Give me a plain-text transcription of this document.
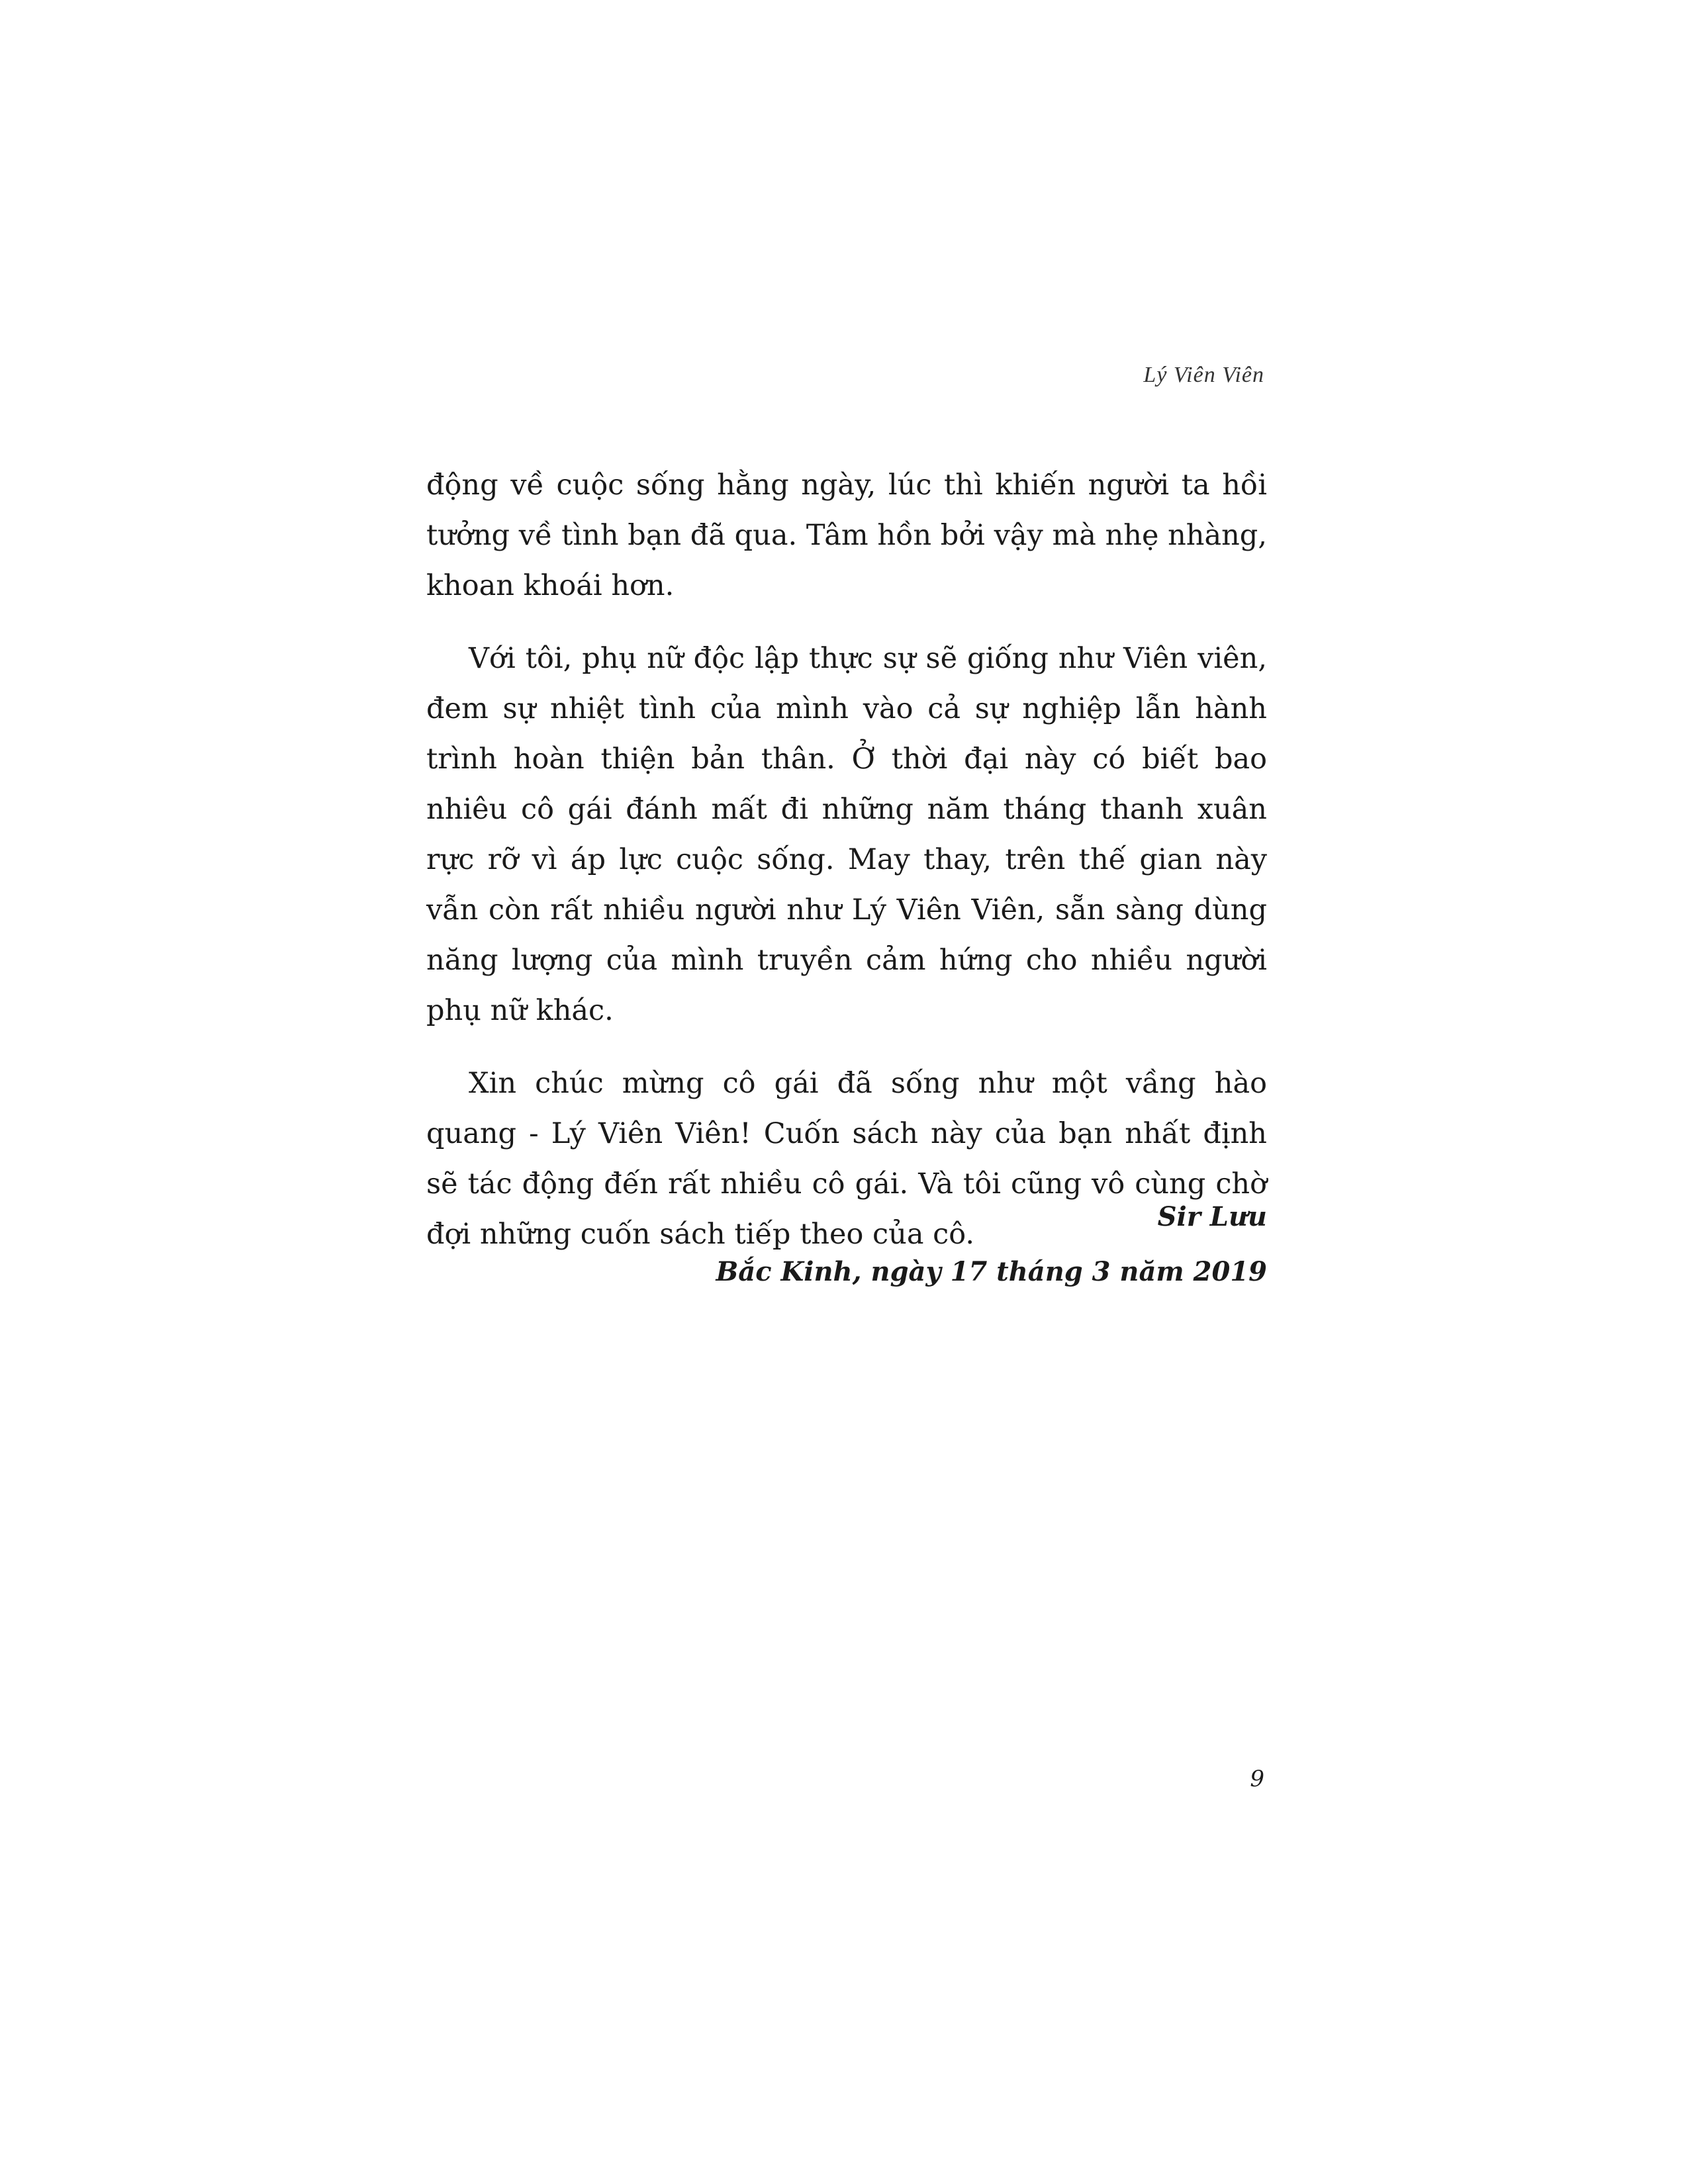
Lý Viên Viên

động về cuộc sống hằng ngày, lúc thì khiến người ta hồi tưởng về tình bạn đã qua. Tâm hồn bởi vậy mà nhẹ nhàng, khoan khoái hơn.

Với tôi, phụ nữ độc lập thực sự sẽ giống như Viên viên, đem sự nhiệt tình của mình vào cả sự nghiệp lẫn hành trình hoàn thiện bản thân. Ở thời đại này có biết bao nhiêu cô gái đánh mất đi những năm tháng thanh xuân rực rỡ vì áp lực cuộc sống. May thay, trên thế gian này vẫn còn rất nhiều người như Lý Viên Viên, sẵn sàng dùng năng lượng của mình truyền cảm hứng cho nhiều người phụ nữ khác.

Xin chúc mừng cô gái đã sống như một vầng hào quang - Lý Viên Viên! Cuốn sách này của bạn nhất định sẽ tác động đến rất nhiều cô gái. Và tôi cũng vô cùng chờ đợi những cuốn sách tiếp theo của cô.

Sir Lưu
Bắc Kinh, ngày 17 tháng 3 năm 2019
9
